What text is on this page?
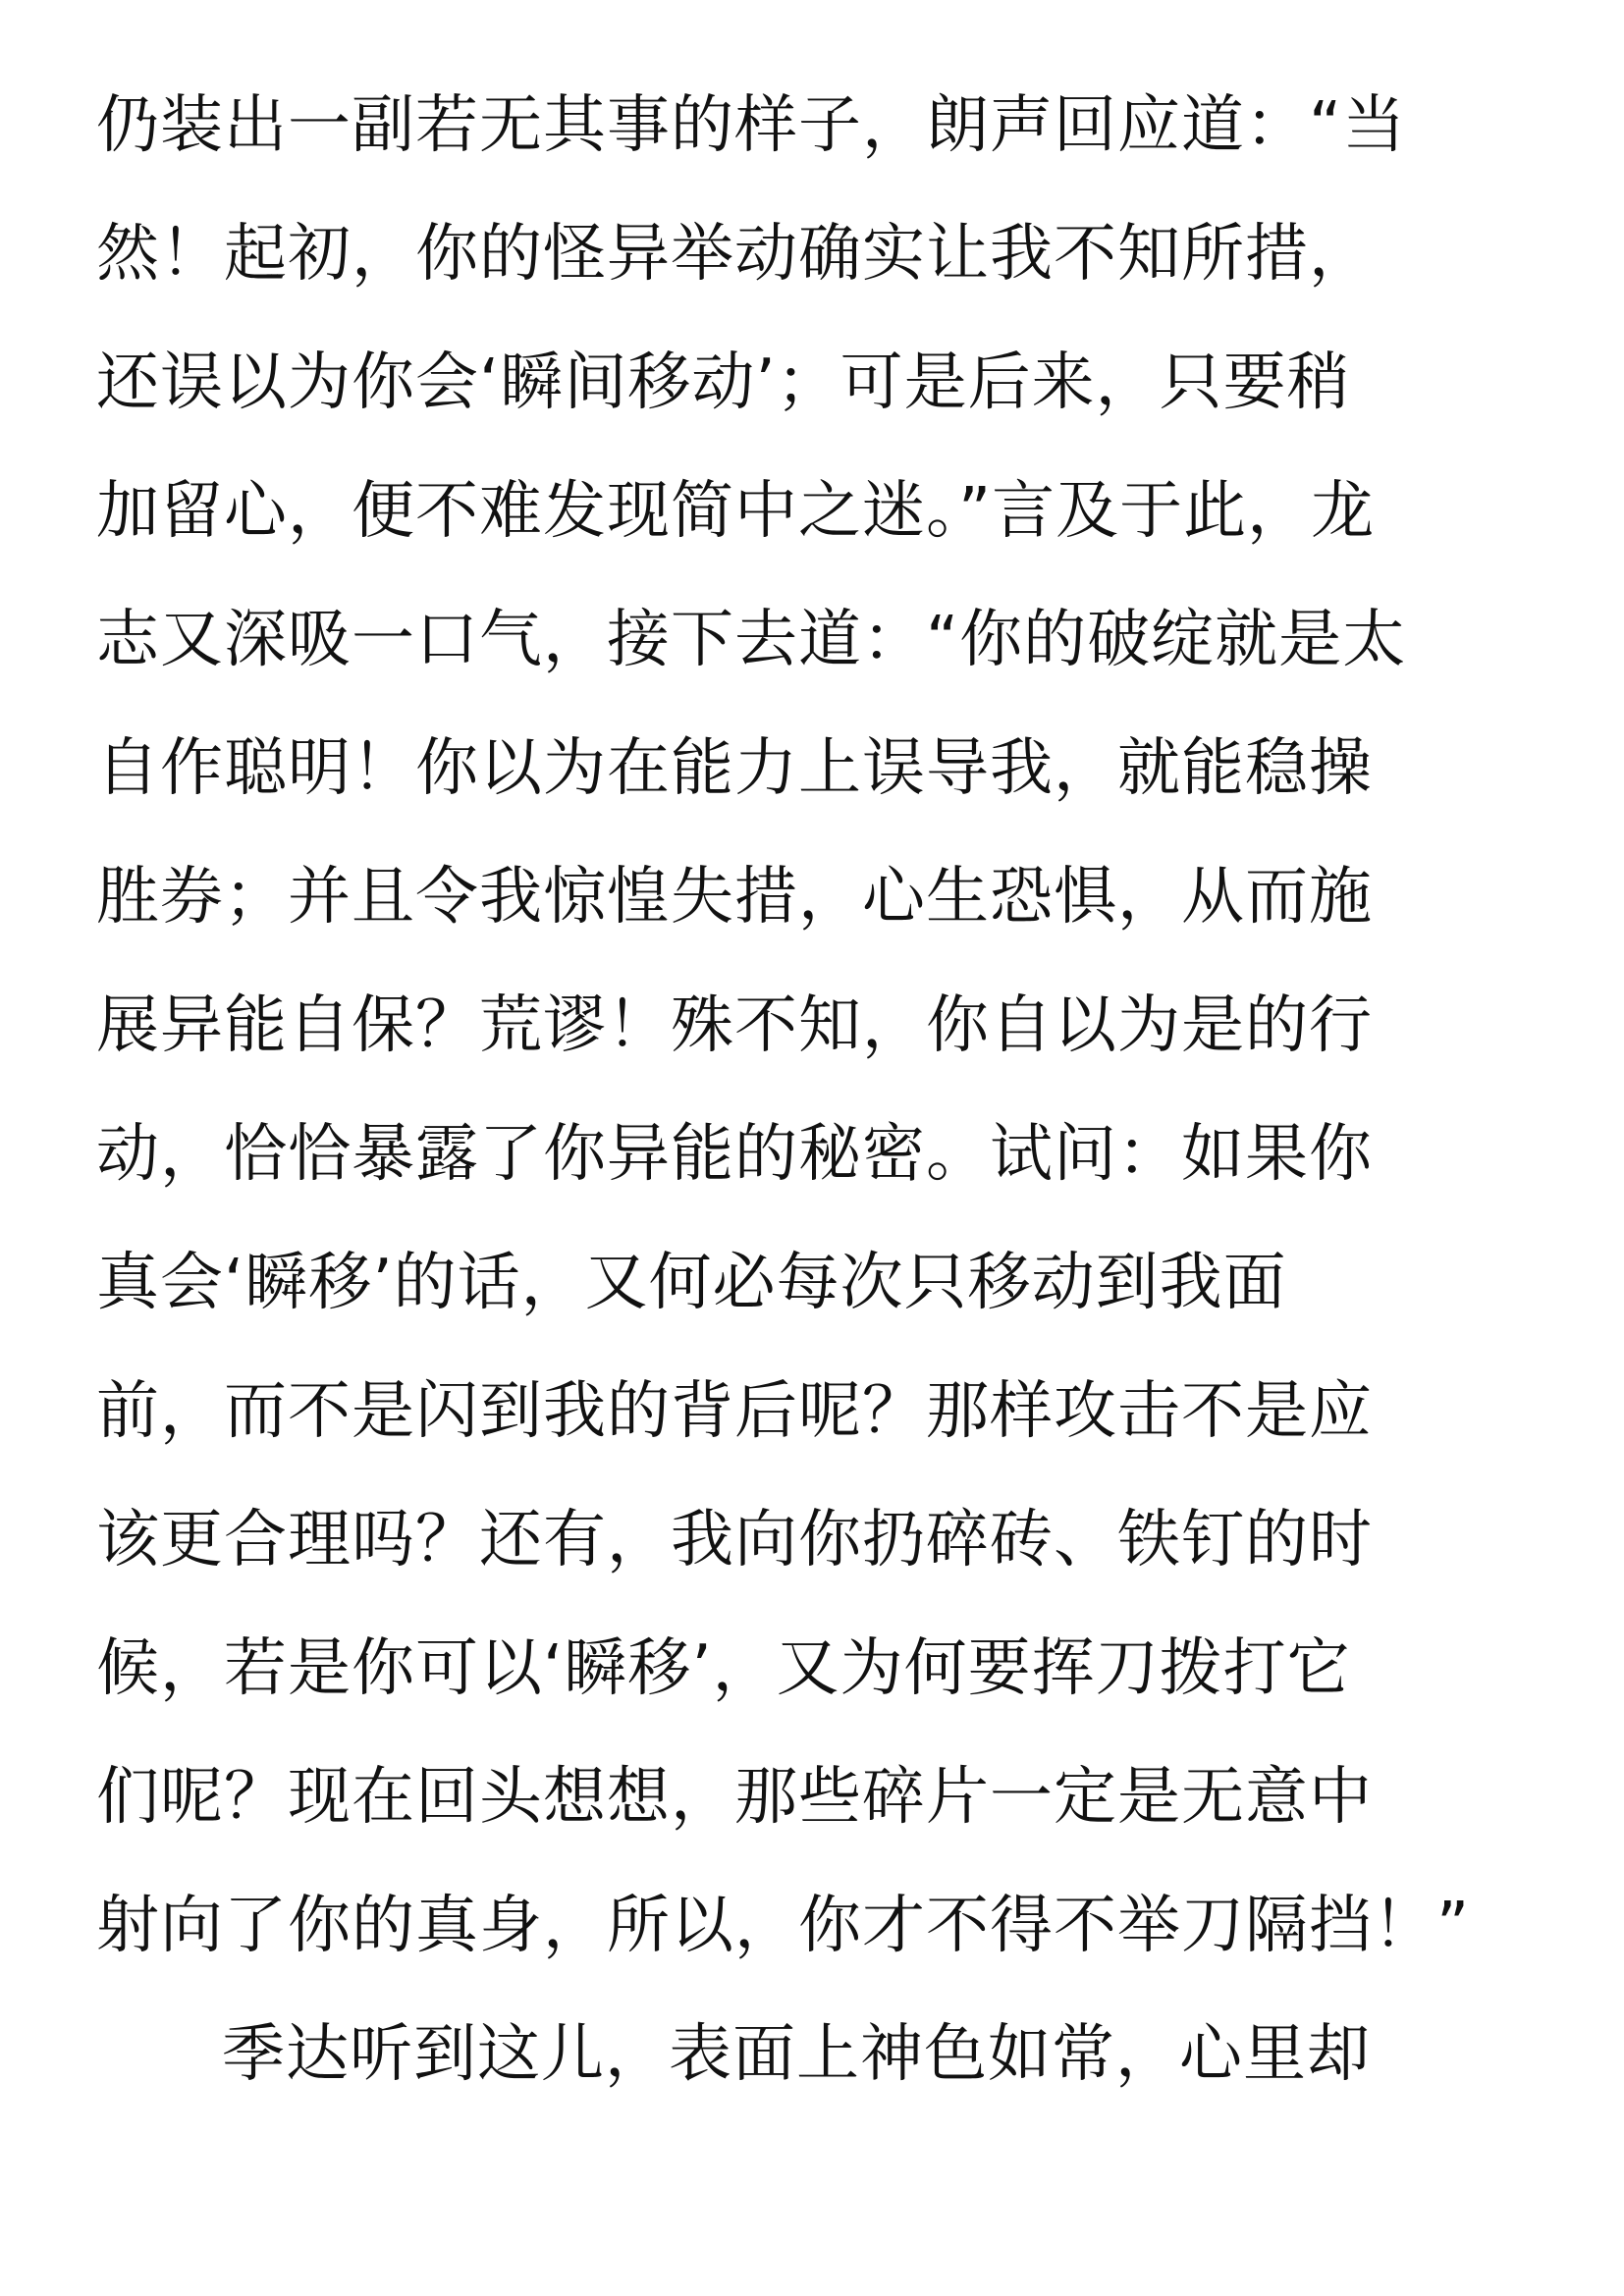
仍装出一副若无其事的样子，朗声回应道：“当
然！起初，你的怪异举动确实让我不知所措，
还误以为你会‘瞬间移动’；可是后来，只要稍
加留心，便不难发现简中之迷。”言及于此，龙
志又深吸一口气，接下去道：“你的破绽就是太
自作聪明！你以为在能力上误导我，就能稳操
胜券；并且令我惊惶失措，心生恐惧，从而施
展异能自保？荒谬！殊不知，你自以为是的行
动，恰恰暴露了你异能的秘密。试问：如果你
真会‘瞬移’的话，又何必每次只移动到我面
前，而不是闪到我的背后呢？那样攻击不是应
该更合理吗？还有，我向你扔碎砖、铁钉的时
候，若是你可以‘瞬移’，又为何要挥刀拨打它
们呢？现在回头想想，那些碎片一定是无意中
射向了你的真身，所以，你才不得不举刀隔挡！”
季达听到这儿，表面上神色如常，心里却
